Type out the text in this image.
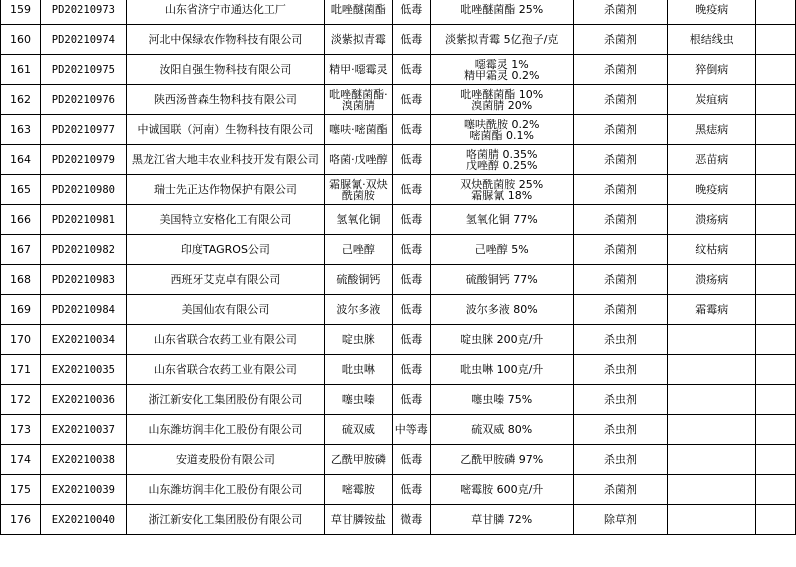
159	PD20210973	山东省济宁市通达化工厂	吡唑醚菌酯	低毒	吡唑醚菌酯 25%	杀菌剂	晚疫病	
160	PD20210974	河北中保绿农作物科技有限公司	淡紫拟青霉	低毒	淡紫拟青霉 5亿孢子/克	杀菌剂	根结线虫	
161	PD20210975	汝阳自强生物科技有限公司	精甲·噁霉灵	低毒	噁霉灵 1%
精甲霜灵 0.2%	杀菌剂	猝倒病	
162	PD20210976	陕西汤普森生物科技有限公司	吡唑醚菌酯·溴菌腈	低毒	吡唑醚菌酯 10%
溴菌腈 20%	杀菌剂	炭疽病	
163	PD20210977	中诚国联（河南）生物科技有限公司	噻呋·嘧菌酯	低毒	噻呋酰胺 0.2%
嘧菌酯 0.1%	杀菌剂	黑痣病	
164	PD20210979	黑龙江省大地丰农业科技开发有限公司	咯菌·戊唑醇	低毒	咯菌腈 0.35%
戊唑醇 0.25%	杀菌剂	恶苗病	
165	PD20210980	瑞士先正达作物保护有限公司	霜脲氰·双炔酰菌胺	低毒	双炔酰菌胺 25%
霜脲氰 18%	杀菌剂	晚疫病	
166	PD20210981	美国特立安格化工有限公司	氢氧化铜	低毒	氢氧化铜 77%	杀菌剂	溃疡病	
167	PD20210982	印度TAGROS公司	己唑醇	低毒	己唑醇 5%	杀菌剂	纹枯病	
168	PD20210983	西班牙艾克卓有限公司	硫酸铜钙	低毒	硫酸铜钙 77%	杀菌剂	溃疡病	
169	PD20210984	美国仙农有限公司	波尔多液	低毒	波尔多液 80%	杀菌剂	霜霉病	
170	EX20210034	山东省联合农药工业有限公司	啶虫脒	低毒	啶虫脒 200克/升	杀虫剂		
171	EX20210035	山东省联合农药工业有限公司	吡虫啉	低毒	吡虫啉 100克/升	杀虫剂		
172	EX20210036	浙江新安化工集团股份有限公司	噻虫嗪	低毒	噻虫嗪 75%	杀虫剂		
173	EX20210037	山东潍坊润丰化工股份有限公司	硫双威	中等毒	硫双威 80%	杀虫剂		
174	EX20210038	安道麦股份有限公司	乙酰甲胺磷	低毒	乙酰甲胺磷 97%	杀虫剂		
175	EX20210039	山东潍坊润丰化工股份有限公司	嘧霉胺	低毒	嘧霉胺 600克/升	杀菌剂		
176	EX20210040	浙江新安化工集团股份有限公司	草甘膦铵盐	微毒	草甘膦 72%	除草剂		
